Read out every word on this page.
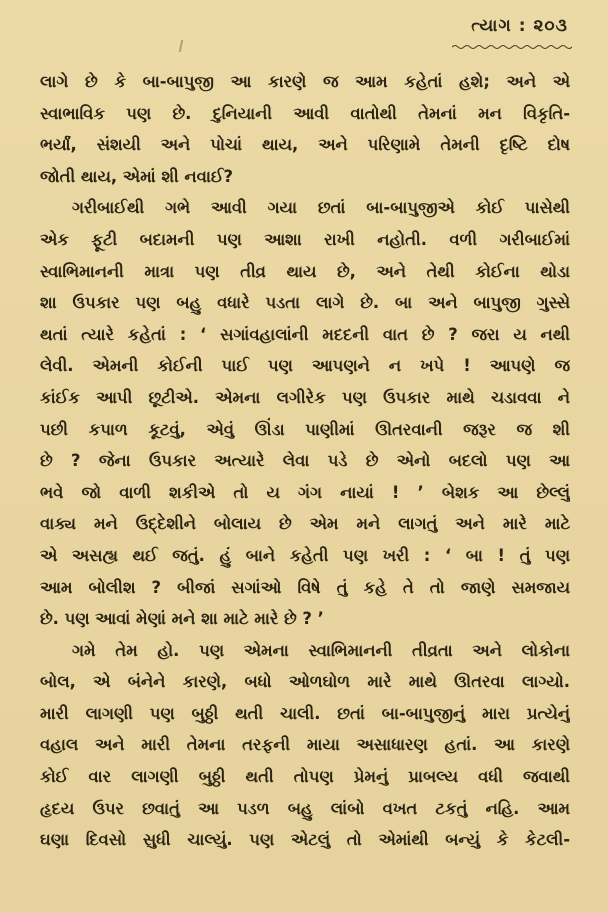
ત્યાગ : ૨૦૩
લાગે છે કે બા-બાપુજી આ કારણે જ આમ કહેતાં હશે; અને એ
સ્વાભાવિક પણ છે. દુનિયાની આવી વાતોથી તેમનાં મન વિકૃતિ-
ભર્યાં, સંશયી અને પોચાં થાય, અને પરિણામે તેમની દૃષ્ટિ દોષ
જોતી થાય, એમાં શી નવાઈ?
ગરીબાઈથી ગભે આવી ગયા છતાં બા-બાપુજીએ કોઈ પાસેથી
એક ફૂટી બદામની પણ આશા રાખી નહોતી. વળી ગરીબાઈમાં
સ્વાભિમાનની માત્રા પણ તીવ્ર થાય છે, અને તેથી કોઈના થોડા
શા ઉપકાર પણ બહુ વધારે પડતા લાગે છે. બા અને બાપુજી ગુસ્સે
થતાં ત્યારે કહેતાં : ‘ સગાંવહાલાંની મદદની વાત છે ? જરા ય નથી
લેવી. એમની કોઈની પાઈ પણ આપણને ન ખપે ! આપણે જ
કાંઈક આપી છૂટીએ. એમના લગીરેક પણ ઉપકાર માથે ચડાવવા ને
પછી કપાળ કૂટવું, એવું ઊંડા પાણીમાં ઊતરવાની જરૂર જ શી
છે ? જેના ઉપકાર અત્યારે લેવા પડે છે એનો બદલો પણ આ
ભવે જો વાળી શકીએ તો ય ગંગ નાયાં ! ’ બેશક આ છેલ્લું
વાક્ય મને ઉદ્દેશીને બોલાય છે એમ મને લાગતું અને મારે માટે
એ અસહ્ય થઈ જતું. હું બાને કહેતી પણ ખરી : ‘ બા ! તું પણ
આમ બોલીશ ? બીજાં સગાંઓ વિષે તું કહે તે તો જાણે સમજાય
છે. પણ આવાં મેણાં મને શા માટે મારે છે ? ’
ગમે તેમ હો. પણ એમના સ્વાભિમાનની તીવ્રતા અને લોકોના
બોલ, એ બંનેને કારણે, બધો ઓળઘોળ મારે માથે ઊતરવા લાગ્યો.
મારી લાગણી પણ બુઠ્ઠી થતી ચાલી. છતાં બા-બાપુજીનું મારા પ્રત્યેનું
વહાલ અને મારી તેમના તરફની માયા અસાધારણ હતાં. આ કારણે
કોઈ વાર લાગણી બુઠ્ઠી થતી તોપણ પ્રેમનું પ્રાબલ્ય વધી જવાથી
હૃદય ઉપર છવાતું આ પડળ બહુ લાંબો વખત ટકતું નહિ. આમ
ઘણા દિવસો સુધી ચાલ્યું. પણ એટલું તો એમાંથી બન્યું કે કેટલી-
